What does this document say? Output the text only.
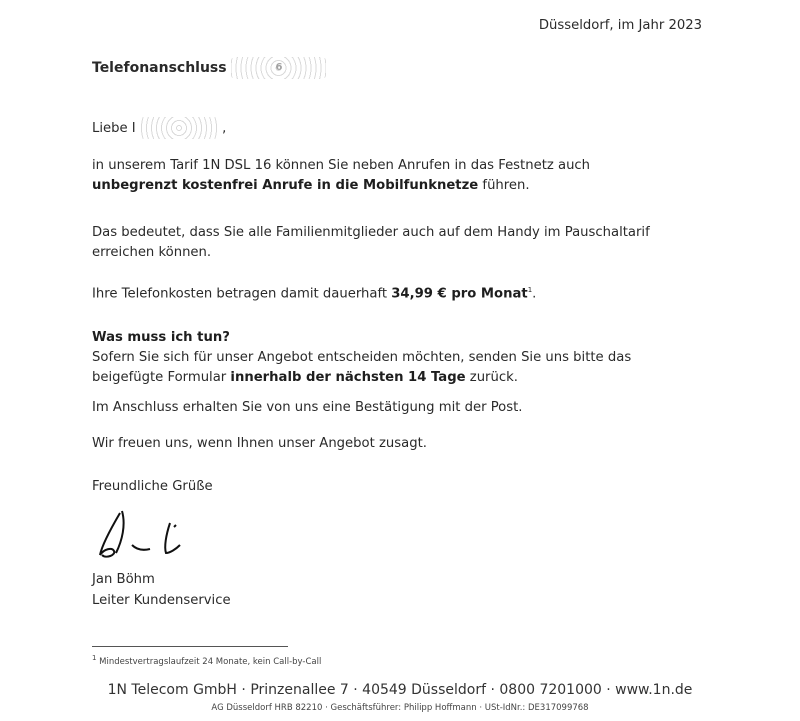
Düsseldorf, im Jahr 2023
Telefonanschluss	6
Liebe I	,
in unserem Tarif 1N DSL 16 können Sie neben Anrufen in das Festnetz auch unbegrenzt kostenfrei Anrufe in die Mobilfunknetze führen.
Das bedeutet, dass Sie alle Familienmitglieder auch auf dem Handy im Pauschaltarif erreichen können.
Ihre Telefonkosten betragen damit dauerhaft 34,99 € pro Monat$^1$.
Was muss ich tun?
Sofern Sie sich für unser Angebot entscheiden möchten, senden Sie uns bitte das beigefügte Formular innerhalb der nächsten 14 Tage zurück.
Im Anschluss erhalten Sie von uns eine Bestätigung mit der Post.
Wir freuen uns, wenn Ihnen unser Angebot zusagt.
Freundliche Grüße
Jan Böhm
Leiter Kundenservice
$^1$ Mindestvertragslaufzeit 24 Monate, kein Call-by-Call
1N Telecom GmbH · Prinzenallee 7 · 40549 Düsseldorf · 0800 7201000 · www.1n.de
AG Düsseldorf HRB 82210 · Geschäftsführer: Philipp Hoffmann · USt-IdNr.: DE317099768
